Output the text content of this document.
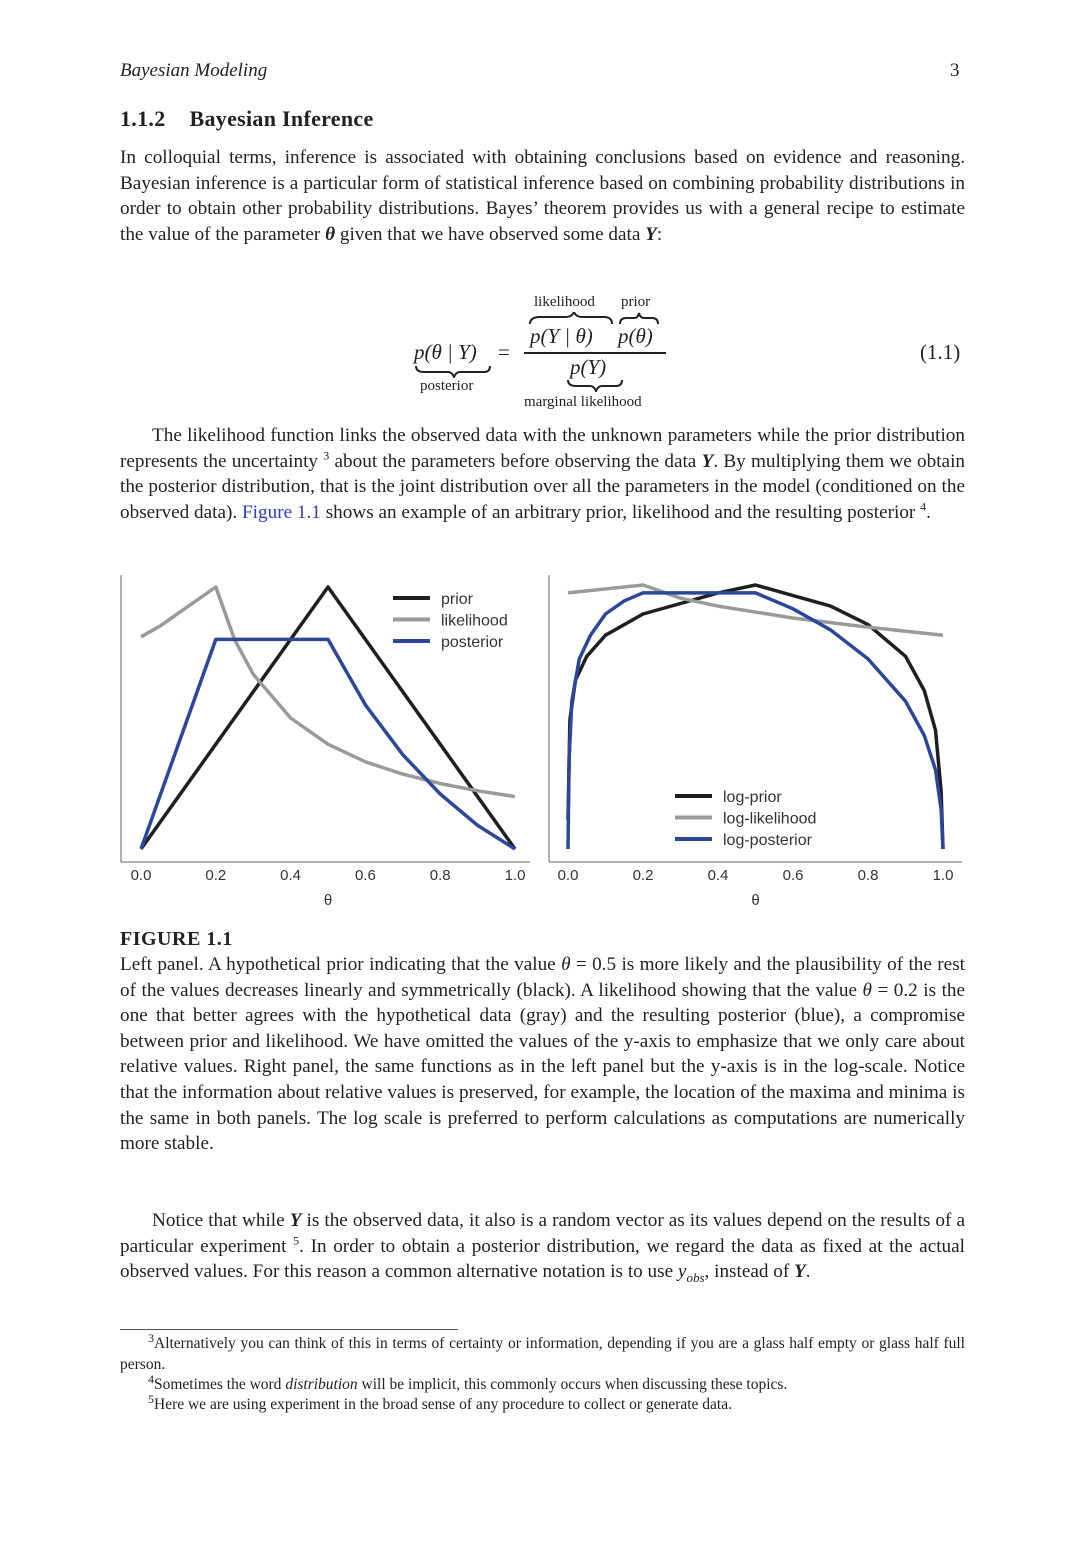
Bayesian Modeling	3
1.1.2 Bayesian Inference
In colloquial terms, inference is associated with obtaining conclusions based on evidence and reasoning. Bayesian inference is a particular form of statistical inference based on combining probability distributions in order to obtain other probability distributions. Bayes’ theorem provides us with a general recipe to estimate the value of the parameter θ given that we have observed some data Y:
likelihood prior
p(Y | θ) p(θ)
p(Y)
marginal likelihood
p(θ | Y) =
posterior
(1.1)
The likelihood function links the observed data with the unknown parameters while the prior distribution represents the uncertainty $^3$ about the parameters before observing the data Y. By multiplying them we obtain the posterior distribution, that is the joint distribution over all the parameters in the model (conditioned on the observed data). Figure 1.1 shows an example of an arbitrary prior, likelihood and the resulting posterior $^4$.
0.0	0.2	0.4	0.6	0.8	1.0
θ
prior
likelihood
posterior
0.0	0.2	0.4	0.6	0.8	1.0
θ
log-prior
log-likelihood
log-posterior
FIGURE 1.1
Left panel. A hypothetical prior indicating that the value θ = 0.5 is more likely and the plausibility of the rest of the values decreases linearly and symmetrically (black). A likelihood showing that the value θ = 0.2 is the one that better agrees with the hypothetical data (gray) and the resulting posterior (blue), a compromise between prior and likelihood. We have omitted the values of the y-axis to emphasize that we only care about relative values. Right panel, the same functions as in the left panel but the y-axis is in the log-scale. Notice that the information about relative values is preserved, for example, the location of the maxima and minima is the same in both panels. The log scale is preferred to perform calculations as computations are numerically more stable.
Notice that while Y is the observed data, it also is a random vector as its values depend on the results of a particular experiment $^5$. In order to obtain a posterior distribution, we regard the data as fixed at the actual observed values. For this reason a common alternative notation is to use $y_{obs}$, instead of Y.
$^3$Alternatively you can think of this in terms of certainty or information, depending if you are a glass half empty or glass half full person.
$^4$Sometimes the word distribution will be implicit, this commonly occurs when discussing these topics.
$^5$Here we are using experiment in the broad sense of any procedure to collect or generate data.
